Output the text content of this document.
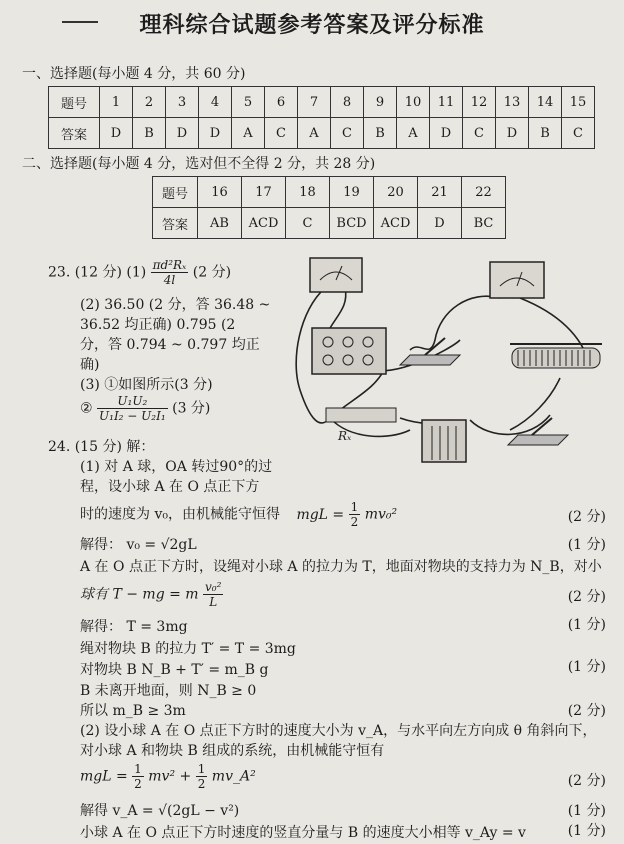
理科综合试题参考答案及评分标准
一、选择题(每小题 4 分，共 60 分)
题号	1	2	3	4	5	6	7	8	9	10	11	12	13	14	15
答案	D	B	D	D	A	C	A	C	B	A	D	C	D	B	C
二、选择题(每小题 4 分，选对但不全得 2 分，共 28 分)
题号	16	17	18	19	20	21	22
答案	AB	ACD	C	BCD	ACD	D	BC
23. (12 分) $(1) \frac{\text{πd²Rₓ}}{4l} (2$ 分)
(2) 36.50 (2 分，答 36.48 ~
36.52 均正确) 0.795 (2
分，答 0.794 ~ 0.797 均正
确)
(3) ①如图所示(3 分)
② $\frac{\text{U₁U₂}}{\text{U₁I₂ − U₂I₁}} (3$ 分)
Rₓ
24. (15 分) 解：
(1) 对 A 球，OA 转过90°的过
程，设小球 A 在 O 点正下方
时的速度为 v₀，由机械能守恒得 mgL = $\frac{1}{2} mv_0^2$	(2 分)
解得： v₀ = √2gL	(1 分)
A 在 O 点正下方时，设绳对小球 A 的拉力为 T，地面对物块的支持力为 N_B，对小
球有 T − mg = m $\frac{\text{v₀²}}{L}$	(2 分)
解得： T = 3mg	(1 分)
绳对物块 B 的拉力 T′ = T = 3mg
对物块 B N_B + T′ = m_B g	(1 分)
B 未离开地面，则 N_B ≥ 0
所以 m_B ≥ 3m	(2 分)
(2) 设小球 A 在 O 点正下方时的速度大小为 v_A，与水平向左方向成 θ 角斜向下，
对小球 A 和物块 B 组成的系统，由机械能守恒有
mgL = $\frac{1}{2} mv^2 + \frac{1}{2}$ mv_A²	(2 分)
解得 v_A = √(2gL − v²)	(1 分)
小球 A 在 O 点正下方时速度的竖直分量与 B 的速度大小相等 v_Ay = v	(1 分)
